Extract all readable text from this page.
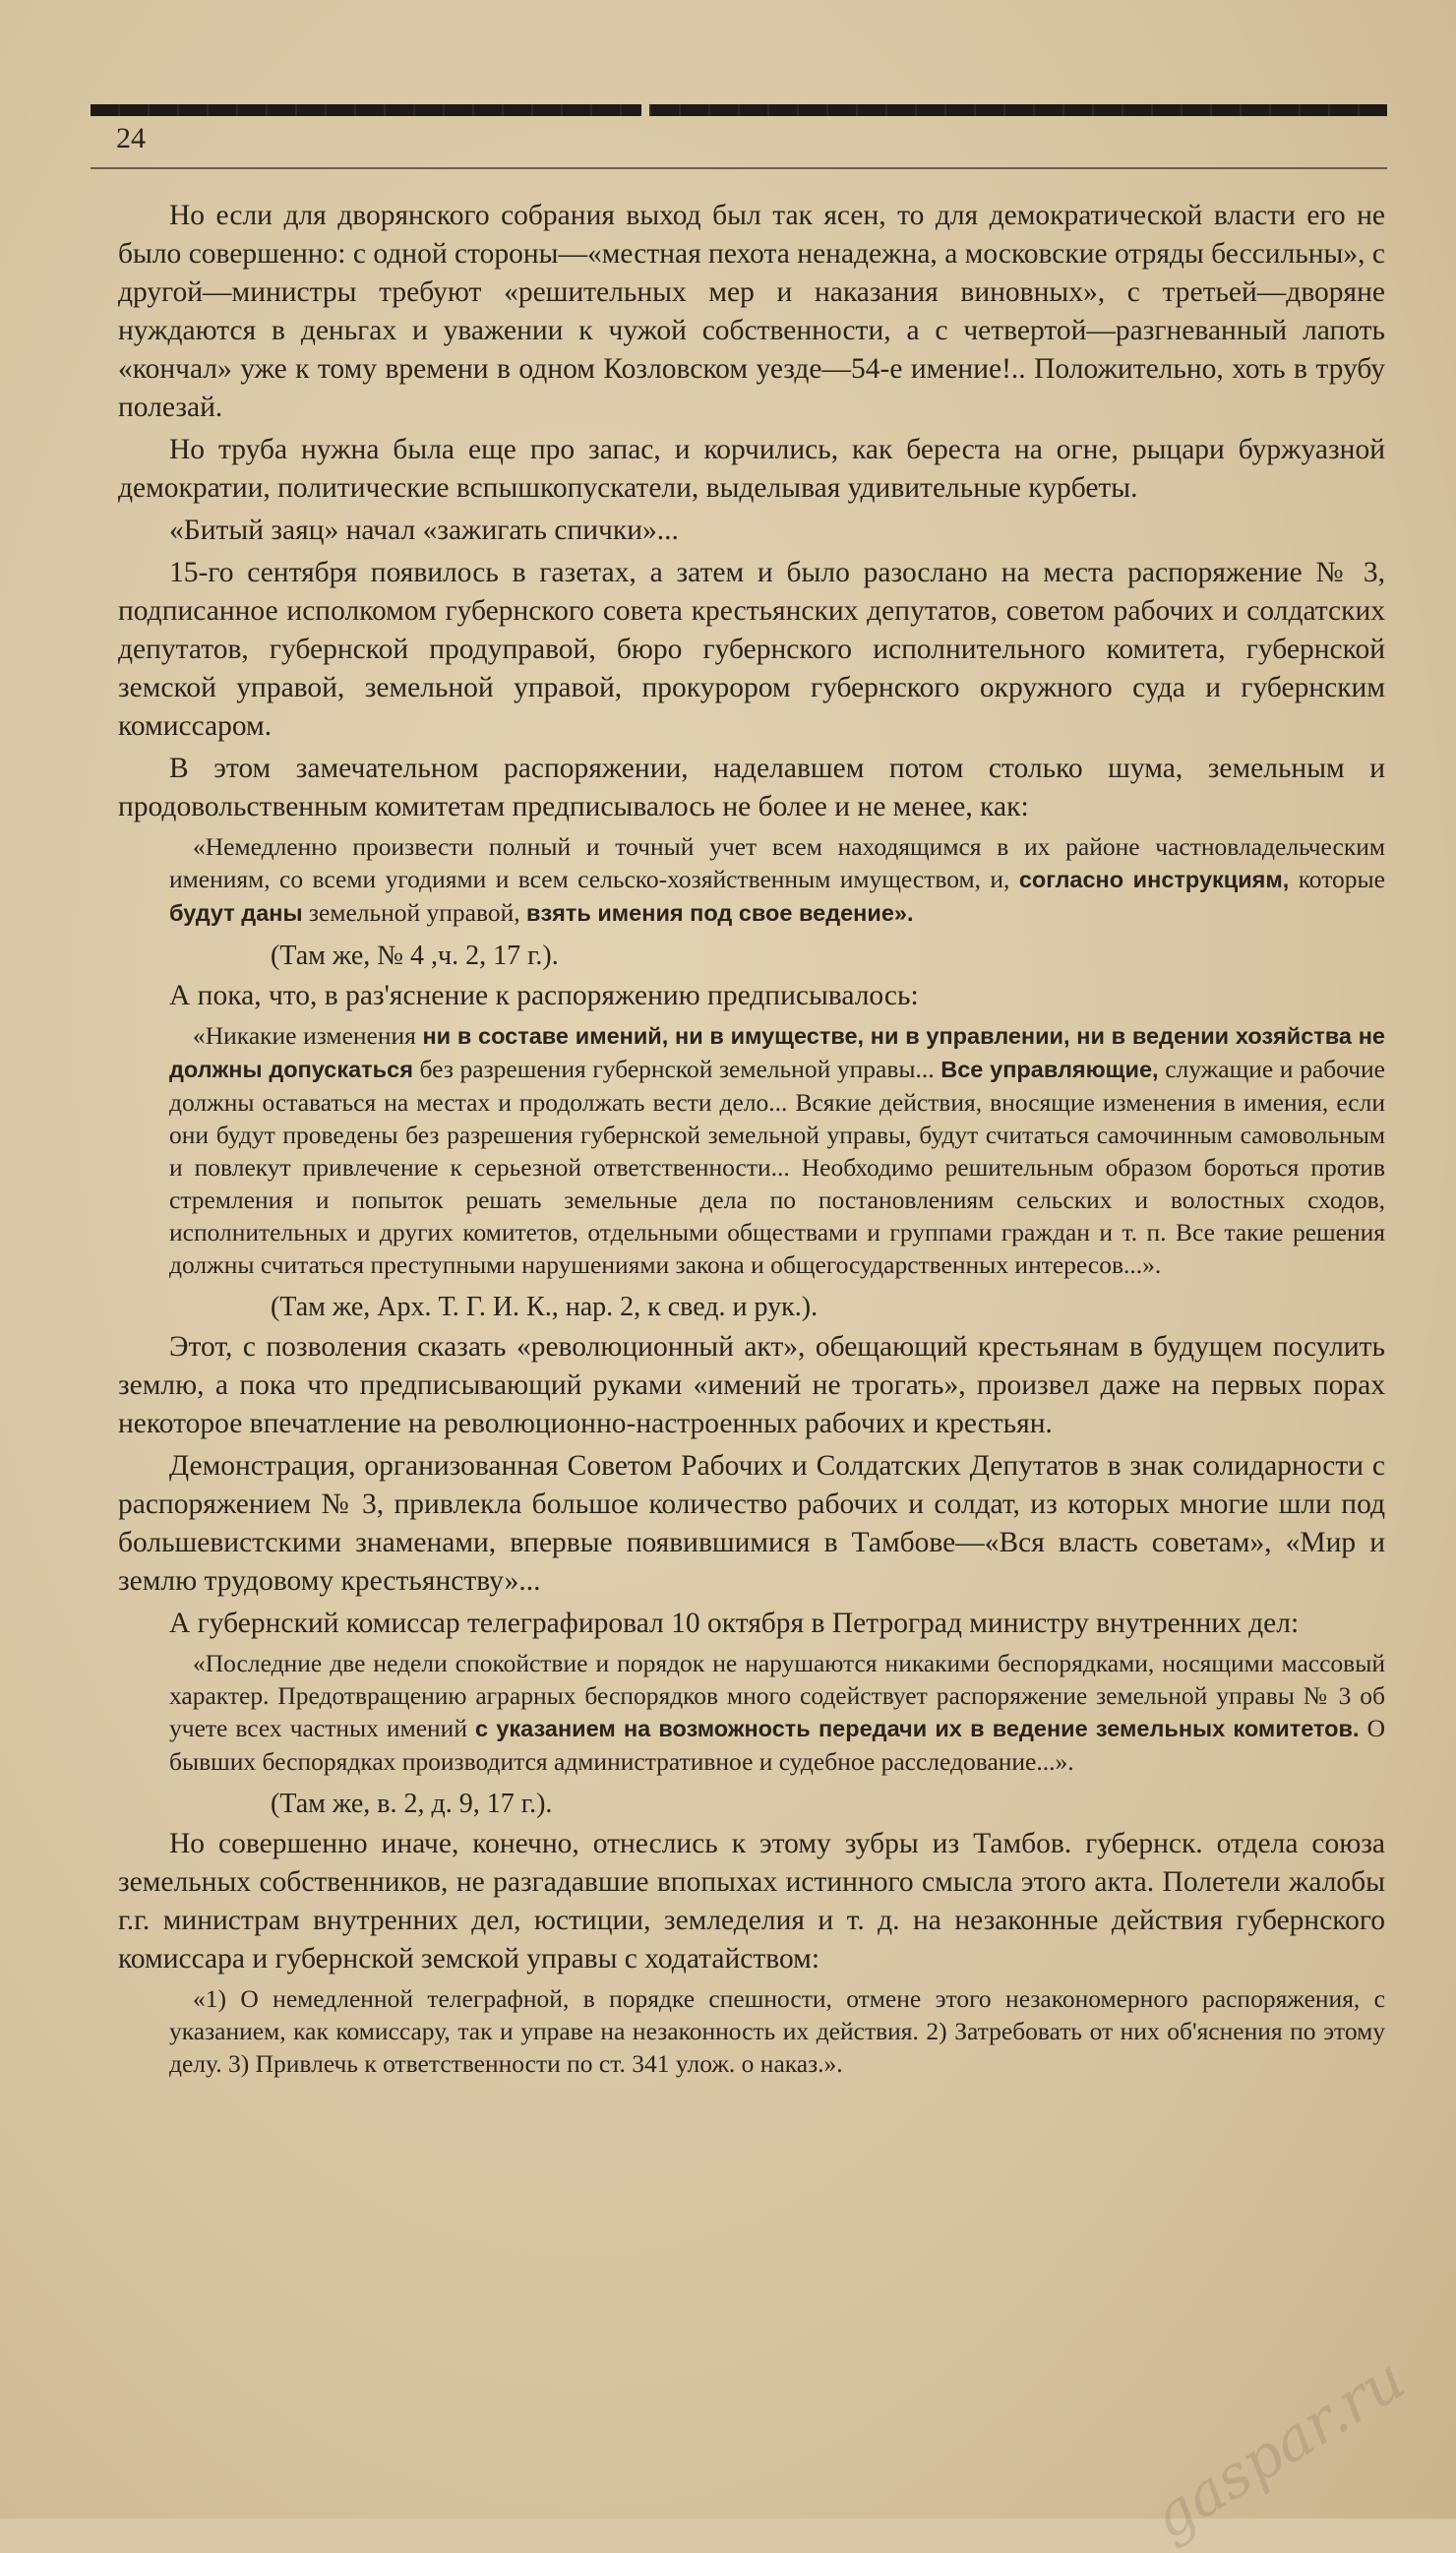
24

Но если для дворянского собрания выход был так ясен, то для демократической власти его не было совершенно: с одной стороны—«местная пехота ненадежна, а московские отряды бессильны», с другой—министры требуют «решительных мер и наказания виновных», с третьей—дворяне нуждаются в деньгах и уважении к чужой собственности, а с четвертой—разгневанный лапоть «кончал» уже к тому времени в одном Козловском уезде—54-е имение!.. Положительно, хоть в трубу полезай.

Но труба нужна была еще про запас, и корчились, как береста на огне, рыцари буржуазной демократии, политические вспышкопускатели, выделывая удивительные курбеты.

«Битый заяц» начал «зажигать спички»...

15-го сентября появилось в газетах, а затем и было разослано на места распоряжение № 3, подписанное исполкомом губернского совета крестьянских депутатов, советом рабочих и солдатских депутатов, губернской продуправой, бюро губернского исполнительного комитета, губернской земской управой, земельной управой, прокурором губернского окружного суда и губернским комиссаром.

В этом замечательном распоряжении, наделавшем потом столько шума, земельным и продовольственным комитетам предписывалось не более и не менее, как:

«Немедленно произвести полный и точный учет всем находящимся в их районе частновладельческим имениям, со всеми угодиями и всем сельско-хозяйственным имуществом, и, согласно инструкциям, которые будут даны земельной управой, взять имения под свое ведение».

(Там же, № 4 ,ч. 2, 17 г.).

А пока, что, в раз'яснение к распоряжению предписывалось:

«Никакие изменения ни в составе имений, ни в имуществе, ни в управлении, ни в ведении хозяйства не должны допускаться без разрешения губернской земельной управы... Все управляющие, служащие и рабочие должны оставаться на местах и продолжать вести дело... Всякие действия, вносящие изменения в имения, если они будут проведены без разрешения губернской земельной управы, будут считаться самочинным самовольным и повлекут привлечение к серьезной ответственности... Необходимо решительным образом бороться против стремления и попыток решать земельные дела по постановлениям сельских и волостных сходов, исполнительных и других комитетов, отдельными обществами и группами граждан и т. п. Все такие решения должны считаться преступными нарушениями закона и общегосударственных интересов...».

(Там же, Арх. Т. Г. И. К., нар. 2, к свед. и рук.).

Этот, с позволения сказать «революционный акт», обещающий крестьянам в будущем посулить землю, а пока что предписывающий руками «имений не трогать», произвел даже на первых порах некоторое впечатление на революционно-настроенных рабочих и крестьян.

Демонстрация, организованная Советом Рабочих и Солдатских Депутатов в знак солидарности с распоряжением № 3, привлекла большое количество рабочих и солдат, из которых многие шли под большевистскими знаменами, впервые появившимися в Тамбове—«Вся власть советам», «Мир и землю трудовому крестьянству»...

А губернский комиссар телеграфировал 10 октября в Петроград министру внутренних дел:

«Последние две недели спокойствие и порядок не нарушаются никакими беспорядками, носящими массовый характер. Предотвращению аграрных беспорядков много содействует распоряжение земельной управы № 3 об учете всех частных имений с указанием на возможность передачи их в ведение земельных комитетов. О бывших беспорядках производится административное и судебное расследование...».

(Там же, в. 2, д. 9, 17 г.).

Но совершенно иначе, конечно, отнеслись к этому зубры из Тамбов. губернск. отдела союза земельных собственников, не разгадавшие впопыхах истинного смысла этого акта. Полетели жалобы г.г. министрам внутренних дел, юстиции, земледелия и т. д. на незаконные действия губернского комиссара и губернской земской управы с ходатайством:

«1) О немедленной телеграфной, в порядке спешности, отмене этого незакономерного распоряжения, с указанием, как комиссару, так и управе на незаконность их действия. 2) Затребовать от них об'яснения по этому делу. 3) Привлечь к ответственности по ст. 341 улож. о наказ.».

gaspar.ru
